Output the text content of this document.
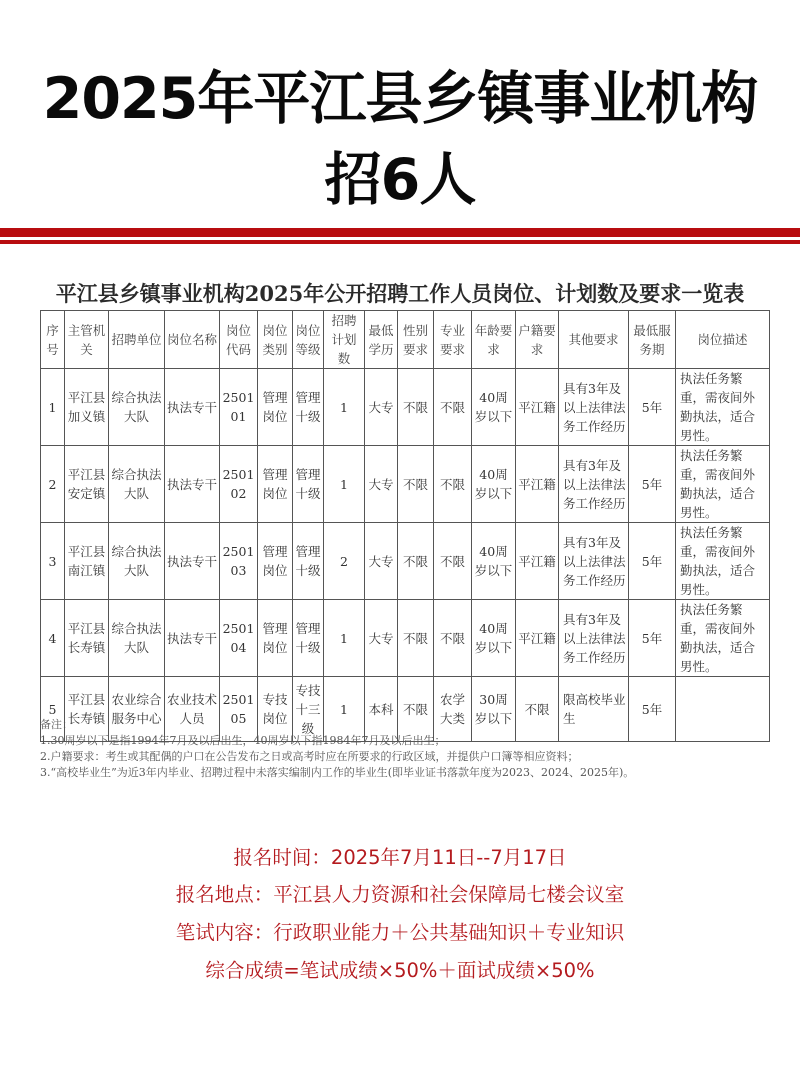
2025年平江县乡镇事业机构
招6人
平江县乡镇事业机构2025年公开招聘工作人员岗位、计划数及要求一览表
序号	主管机关	招聘单位	岗位名称	岗位代码	岗位类别	岗位等级	招聘计划数	最低学历	性别要求	专业要求	年龄要求	户籍要求	其他要求	最低服务期	岗位描述
1	平江县加义镇	综合执法大队	执法专干	250101	管理岗位	管理十级	1	大专	不限	不限	40周岁以下	平江籍	具有3年及以上法律法务工作经历	5年	执法任务繁重，需夜间外勤执法，适合男性。
2	平江县安定镇	综合执法大队	执法专干	250102	管理岗位	管理十级	1	大专	不限	不限	40周岁以下	平江籍	具有3年及以上法律法务工作经历	5年	执法任务繁重，需夜间外勤执法，适合男性。
3	平江县南江镇	综合执法大队	执法专干	250103	管理岗位	管理十级	2	大专	不限	不限	40周岁以下	平江籍	具有3年及以上法律法务工作经历	5年	执法任务繁重，需夜间外勤执法，适合男性。
4	平江县长寿镇	综合执法大队	执法专干	250104	管理岗位	管理十级	1	大专	不限	不限	40周岁以下	平江籍	具有3年及以上法律法务工作经历	5年	执法任务繁重，需夜间外勤执法，适合男性。
5	平江县长寿镇	农业综合服务中心	农业技术人员	250105	专技岗位	专技十三级	1	本科	不限	农学大类	30周岁以下	不限	限高校毕业生	5年	
备注：
1.30周岁以下是指1994年7月及以后出生，40周岁以下指1984年7月及以后出生；
2.户籍要求：考生或其配偶的户口在公告发布之日或高考时应在所要求的行政区域，并提供户口簿等相应资料；
3.“高校毕业生”为近3年内毕业、招聘过程中未落实编制内工作的毕业生(即毕业证书落款年度为2023、2024、2025年)。
报名时间：2025年7月11日--7月17日
报名地点：平江县人力资源和社会保障局七楼会议室
笔试内容：行政职业能力＋公共基础知识＋专业知识
综合成绩=笔试成绩×50%＋面试成绩×50%
